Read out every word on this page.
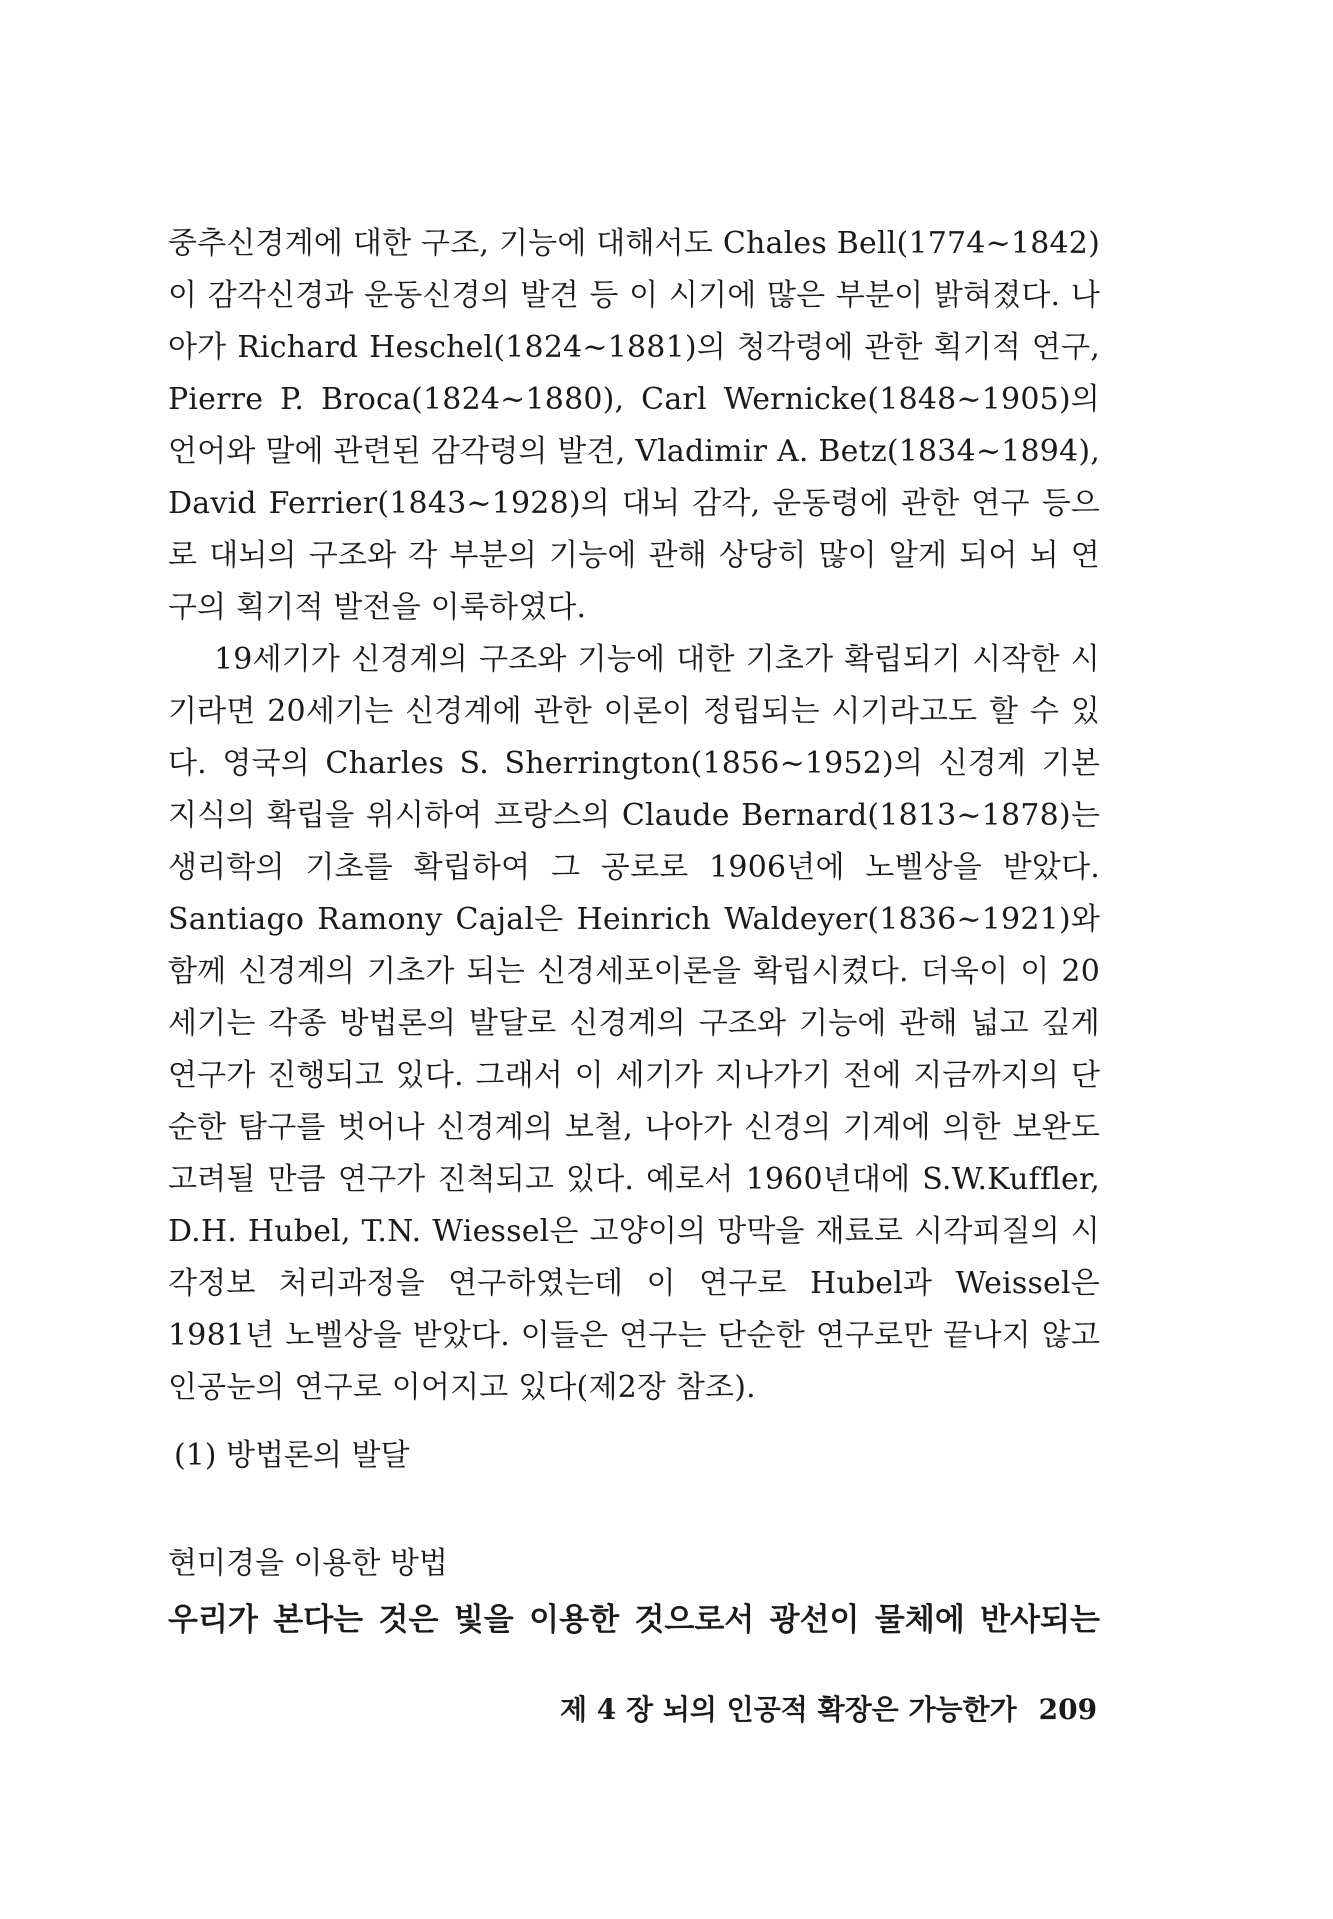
중추신경계에 대한 구조, 기능에 대해서도 Chales Bell(1774~1842)이 감각신경과 운동신경의 발견 등 이 시기에 많은 부분이 밝혀졌다. 나아가 Richard Heschel(1824~1881)의 청각령에 관한 획기적 연구, Pierre P. Broca(1824~1880), Carl Wernicke(1848~1905)의 언어와 말에 관련된 감각령의 발견, Vladimir A. Betz(1834~1894), David Ferrier(1843~1928)의 대뇌 감각, 운동령에 관한 연구 등으로 대뇌의 구조와 각 부분의 기능에 관해 상당히 많이 알게 되어 뇌 연구의 획기적 발전을 이룩하였다.

19세기가 신경계의 구조와 기능에 대한 기초가 확립되기 시작한 시기라면 20세기는 신경계에 관한 이론이 정립되는 시기라고도 할 수 있다. 영국의 Charles S. Sherrington(1856~1952)의 신경계 기본 지식의 확립을 위시하여 프랑스의 Claude Bernard(1813~1878)는 생리학의 기초를 확립하여 그 공로로 1906년에 노벨상을 받았다. Santiago Ramony Cajal은 Heinrich Waldeyer(1836~1921)와 함께 신경계의 기초가 되는 신경세포이론을 확립시켰다. 더욱이 이 20세기는 각종 방법론의 발달로 신경계의 구조와 기능에 관해 넓고 깊게 연구가 진행되고 있다. 그래서 이 세기가 지나가기 전에 지금까지의 단순한 탐구를 벗어나 신경계의 보철, 나아가 신경의 기계에 의한 보완도 고려될 만큼 연구가 진척되고 있다. 예로서 1960년대에 S.W.Kuffler, D.H. Hubel, T.N. Wiessel은 고양이의 망막을 재료로 시각피질의 시각정보 처리과정을 연구하였는데 이 연구로 Hubel과 Weissel은 1981년 노벨상을 받았다. 이들은 연구는 단순한 연구로만 끝나지 않고 인공눈의 연구로 이어지고 있다(제2장 참조).

(1) 방법론의 발달
현미경을 이용한 방법
우리가 본다는 것은 빛을 이용한 것으로서 광선이 물체에 반사되는
제 4 장 뇌의 인공적 확장은 가능한가 209
